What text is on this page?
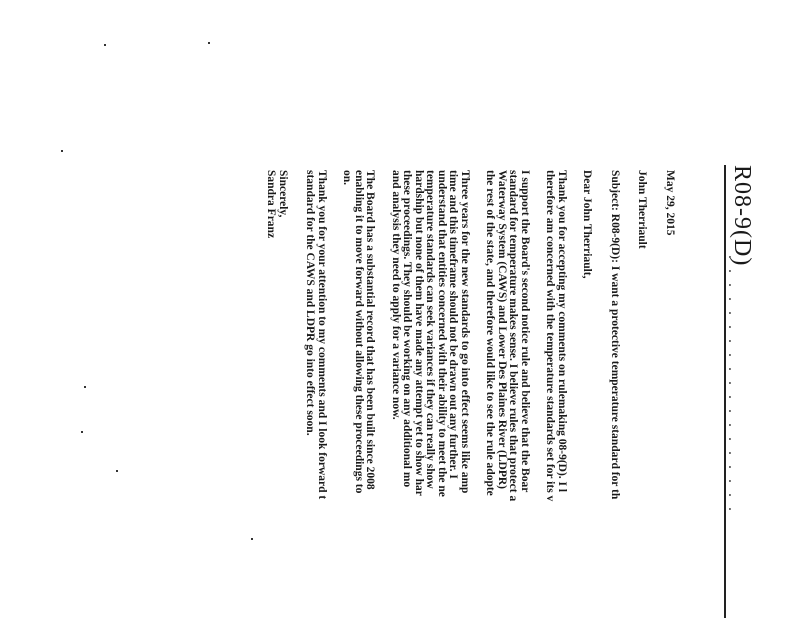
R08-9(D)
. . . . . . . . . . . . . . . . . . .
May 29, 2015
John Therriault
Subject: R08-9(D): I want a protective temperature standard for th
Dear John Therriault,
Thank you for accepting my comments on rulemaking 08-9(D). I l
therefore am concerned with the temperature standards set for its v
I support the Board's second notice rule and believe that the Boar
standard for temperature makes sense. I believe rules that protect a
Waterway System (CAWS) and Lower Des Plaines River (LDPR)
the rest of the state, and therefore would like to see the rule adopte
Three years for the new standards to go into effect seems like amp
time and this timeframe should not be drawn out any further. I
understand that entities concerned with their ability to meet the ne
temperature standards can seek variances if they can really show
hardship but none of them have made any attempt yet to show har
these proceedings. They should be working on any additional mo
and analysis they need to apply for a variance now.
The Board has a substantial record that has been built since 2008
enabling it to move forward without allowing these proceedings to
on.
Thank you for your attention to my comments and I look forward t
standard for the CAWS and LDPR go into effect soon.
Sincerely,
Sandra Franz
